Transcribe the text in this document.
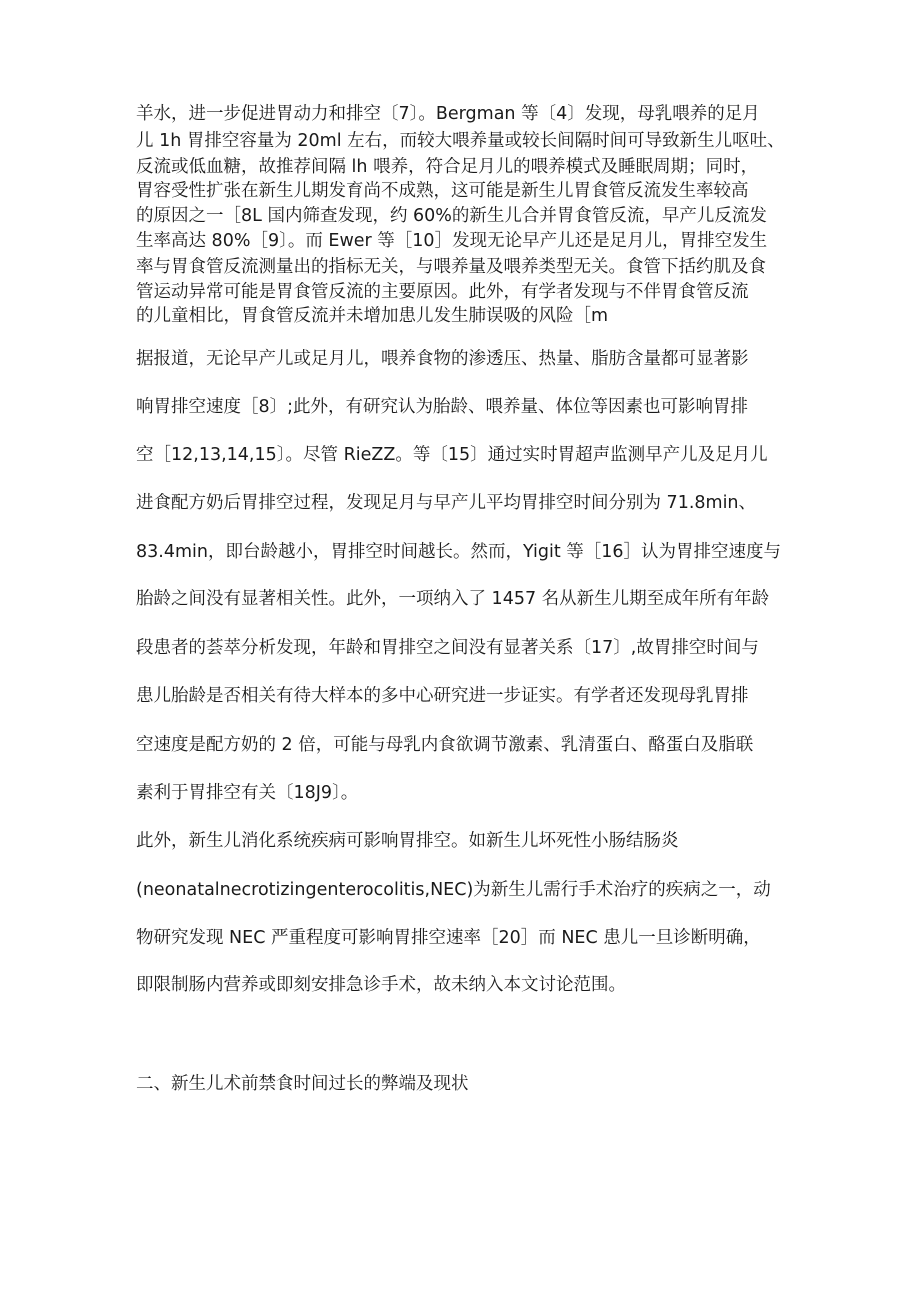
羊水，进一步促进胃动力和排空〔7〕。Bergman 等〔4〕发现，母乳喂养的足月
儿 1h 胃排空容量为 20ml 左右，而较大喂养量或较长间隔时间可导致新生儿呕吐、
反流或低血糖，故推荐间隔 lh 喂养，符合足月儿的喂养模式及睡眠周期；同时，
胃容受性扩张在新生儿期发育尚不成熟，这可能是新生儿胃食管反流发生率较高
的原因之一［8L 国内筛查发现，约 60%的新生儿合并胃食管反流，早产儿反流发
生率高达 80%［9〕。而 Ewer 等［10］发现无论早产儿还是足月儿，胃排空发生
率与胃食管反流测量出的指标无关，与喂养量及喂养类型无关。食管下括约肌及食
管运动异常可能是胃食管反流的主要原因。此外，有学者发现与不伴胃食管反流
的儿童相比，胃食管反流并未增加患儿发生肺误吸的风险［m
据报道，无论早产儿或足月儿，喂养食物的渗透压、热量、脂肪含量都可显著影
响胃排空速度［8〕;此外，有研究认为胎龄、喂养量、体位等因素也可影响胃排
空［12,13,14,15〕。尽管 RieZZ。等〔15〕通过实时胃超声监测早产儿及足月儿
进食配方奶后胃排空过程，发现足月与早产儿平均胃排空时间分别为 71.8min、
83.4min，即台龄越小，胃排空时间越长。然而，Yigit 等［16］认为胃排空速度与
胎龄之间没有显著相关性。此外，一项纳入了 1457 名从新生儿期至成年所有年龄
段患者的荟萃分析发现，年龄和胃排空之间没有显著关系〔17〕,故胃排空时间与
患儿胎龄是否相关有待大样本的多中心研究进一步证实。有学者还发现母乳胃排
空速度是配方奶的 2 倍，可能与母乳内食欲调节激素、乳清蛋白、酪蛋白及脂联
素利于胃排空有关〔18J9〕。
此外，新生儿消化系统疾病可影响胃排空。如新生儿坏死性小肠结肠炎
(neonatalnecrotizingenterocolitis,NEC)为新生儿需行手术治疗的疾病之一，动
物研究发现 NEC 严重程度可影响胃排空速率［20］而 NEC 患儿一旦诊断明确，
即限制肠内营养或即刻安排急诊手术，故未纳入本文讨论范围。
二、新生儿术前禁食时间过长的弊端及现状
